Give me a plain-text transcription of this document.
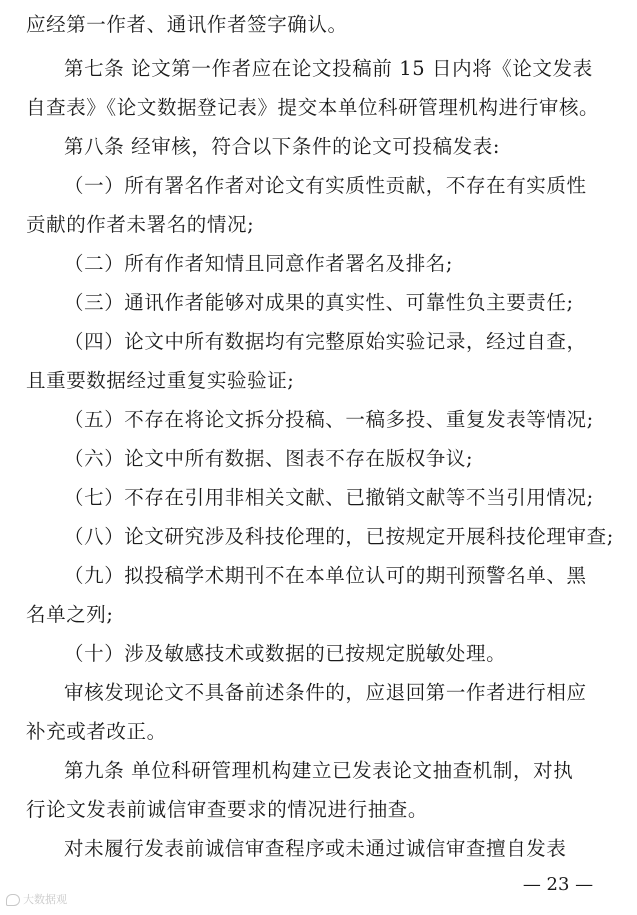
应经第一作者、通讯作者签字确认。
第七条 论文第一作者应在论文投稿前 15 日内将《论文发表
自查表》《论文数据登记表》提交本单位科研管理机构进行审核。
第八条 经审核，符合以下条件的论文可投稿发表:
（一）所有署名作者对论文有实质性贡献，不存在有实质性
贡献的作者未署名的情况;
（二）所有作者知情且同意作者署名及排名;
（三）通讯作者能够对成果的真实性、可靠性负主要责任;
（四）论文中所有数据均有完整原始实验记录，经过自查，
且重要数据经过重复实验验证;
（五）不存在将论文拆分投稿、一稿多投、重复发表等情况;
（六）论文中所有数据、图表不存在版权争议;
（七）不存在引用非相关文献、已撤销文献等不当引用情况;
（八）论文研究涉及科技伦理的，已按规定开展科技伦理审查;
（九）拟投稿学术期刊不在本单位认可的期刊预警名单、黑
名单之列;
（十）涉及敏感技术或数据的已按规定脱敏处理。
审核发现论文不具备前述条件的，应退回第一作者进行相应
补充或者改正。
第九条 单位科研管理机构建立已发表论文抽查机制，对执
行论文发表前诚信审查要求的情况进行抽查。
对未履行发表前诚信审查程序或未通过诚信审查擅自发表
— 23 —
大数据观
